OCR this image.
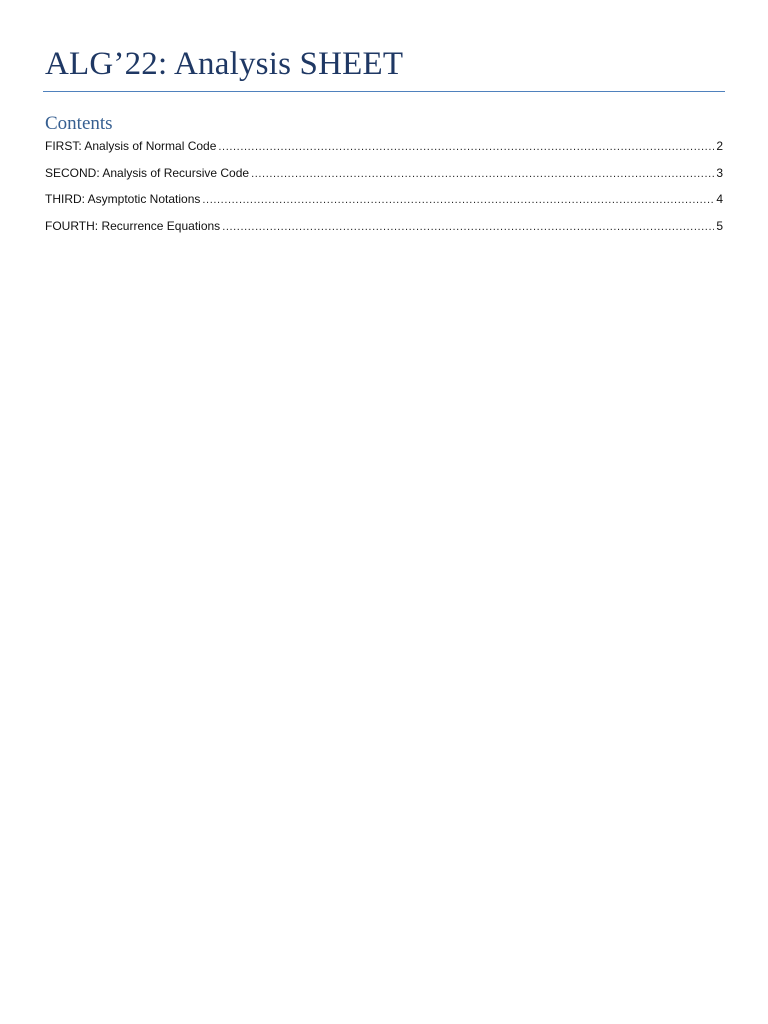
ALG’22: Analysis SHEET
Contents
FIRST: Analysis of Normal Code .....	2
SECOND: Analysis of Recursive Code .....	3
THIRD: Asymptotic Notations .....	4
FOURTH: Recurrence Equations .....	5
